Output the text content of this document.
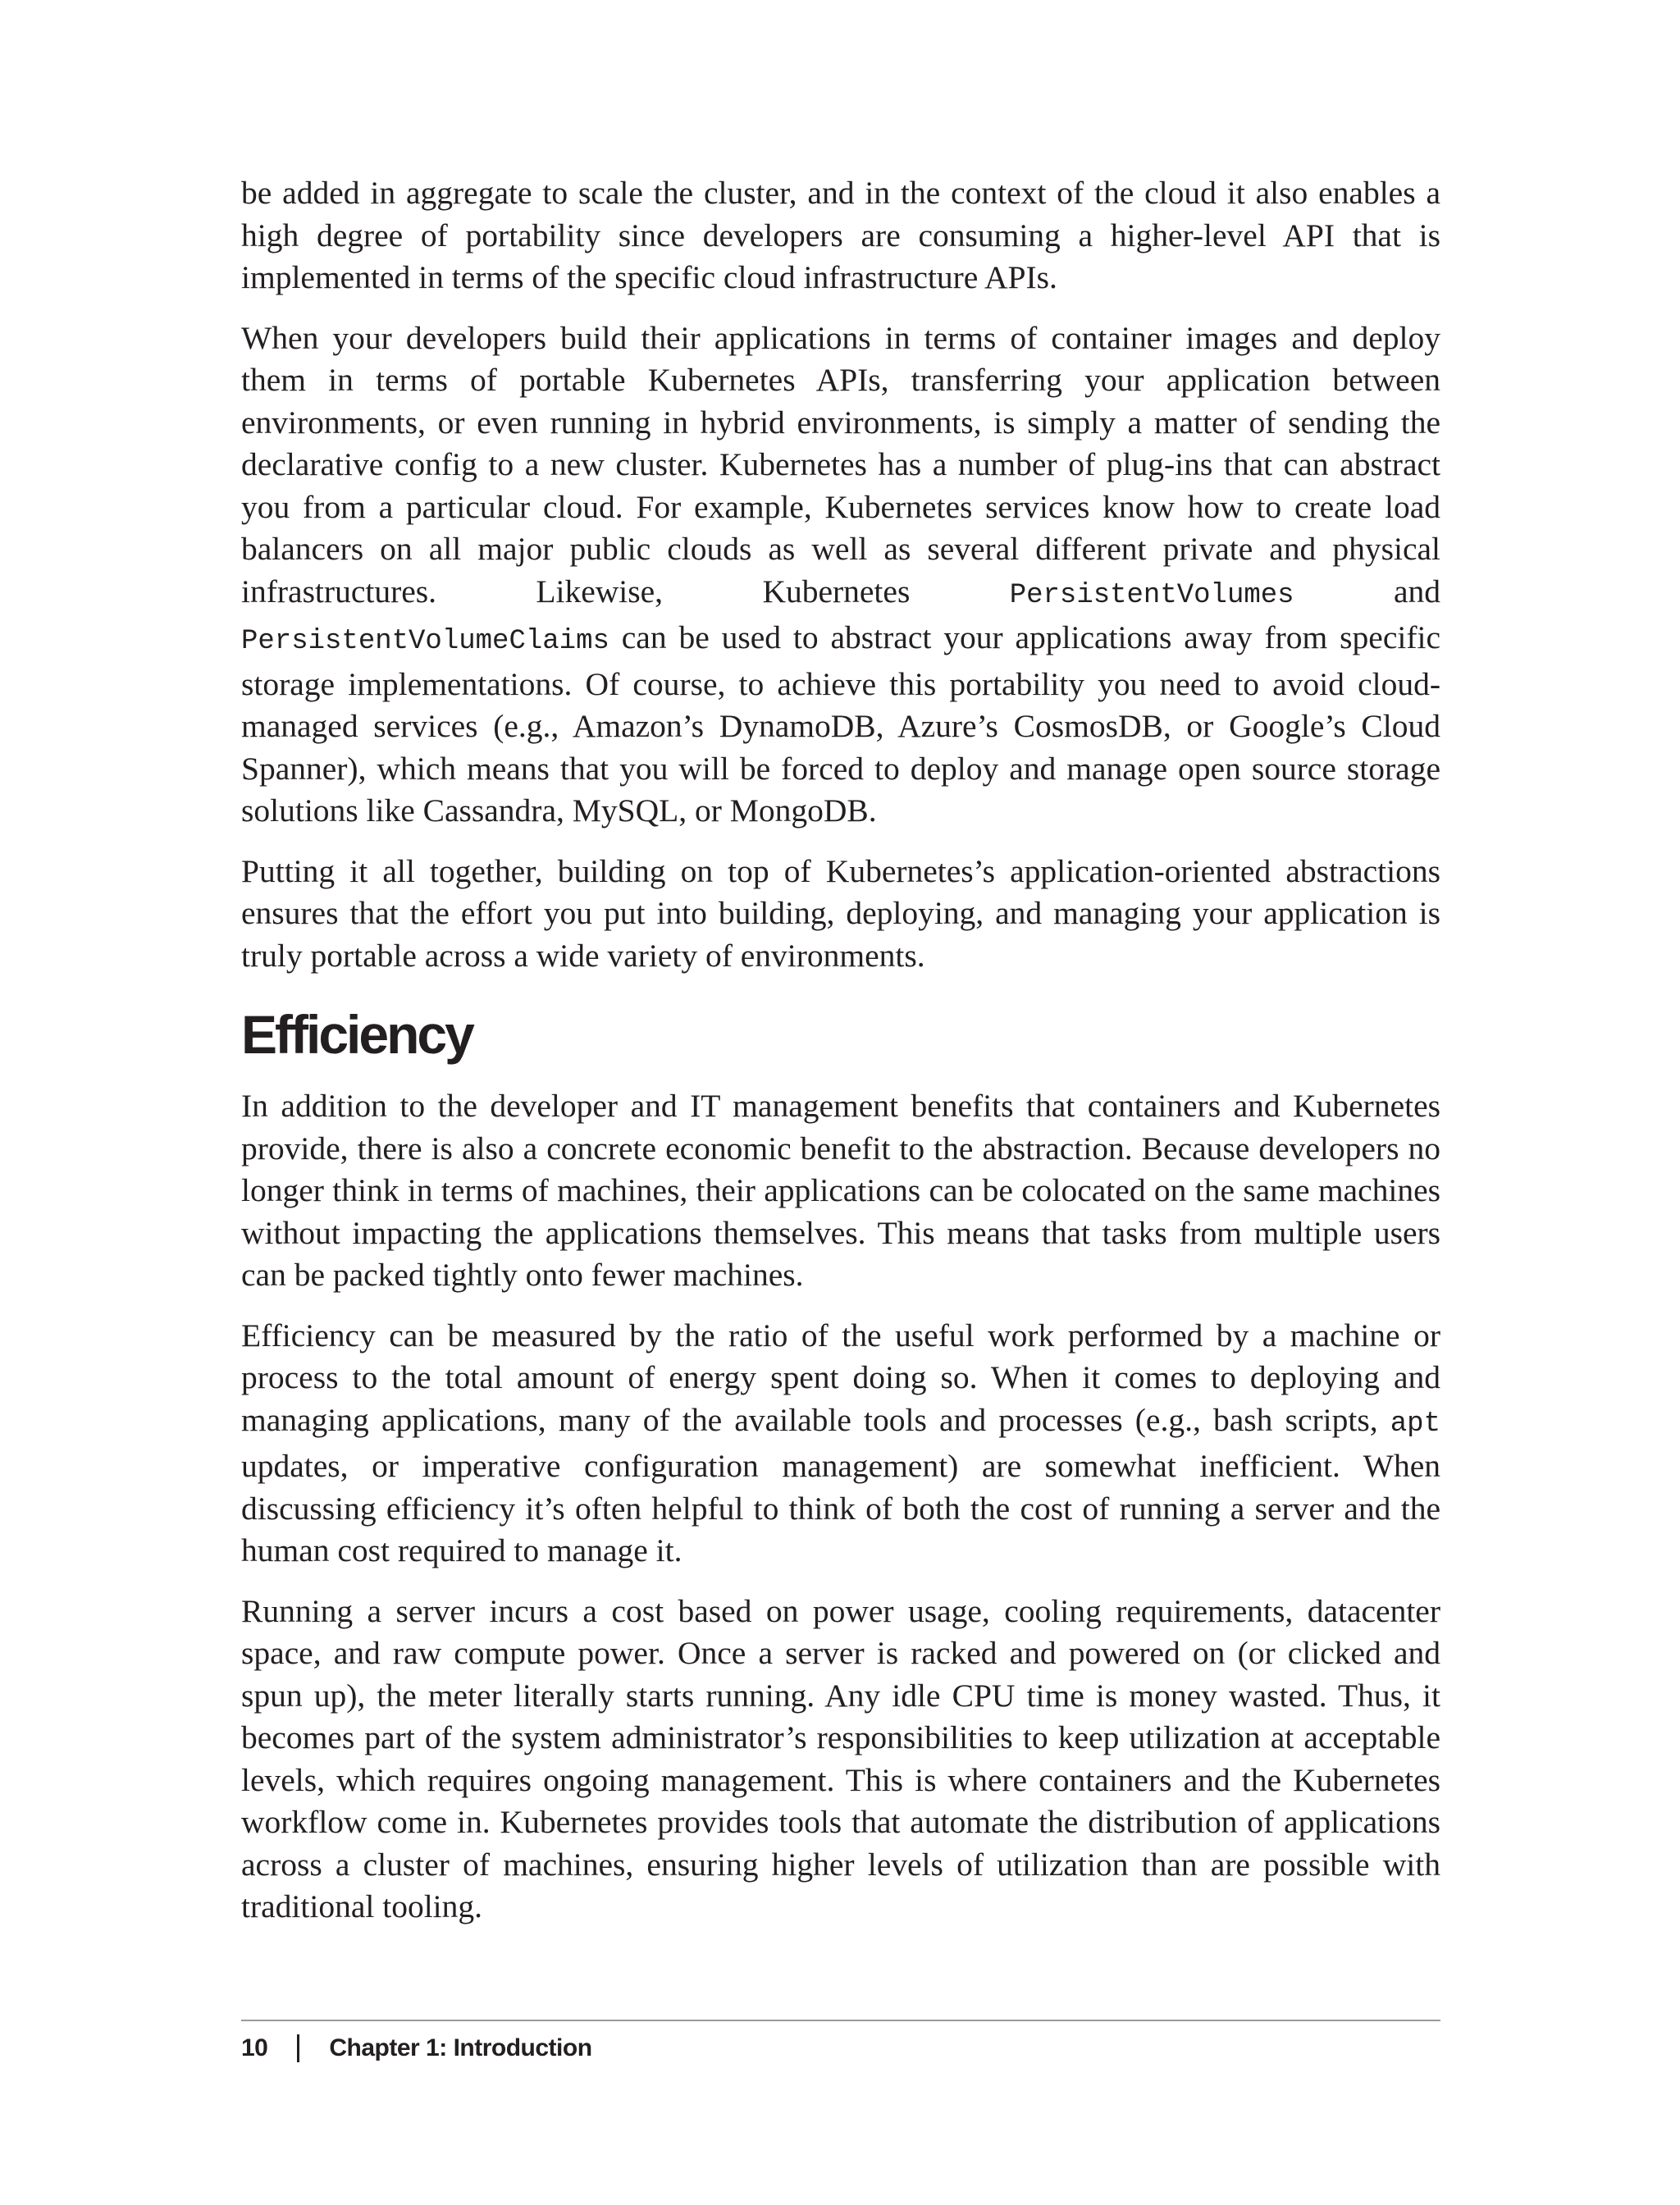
be added in aggregate to scale the cluster, and in the context of the cloud it also enables a high degree of portability since developers are consuming a higher-level API that is implemented in terms of the specific cloud infrastructure APIs.

When your developers build their applications in terms of container images and deploy them in terms of portable Kubernetes APIs, transferring your application between environments, or even running in hybrid environments, is simply a matter of sending the declarative config to a new cluster. Kubernetes has a number of plug-ins that can abstract you from a particular cloud. For example, Kubernetes services know how to create load balancers on all major public clouds as well as several different private and physical infrastructures. Likewise, Kubernetes PersistentVolumes and PersistentVolumeClaims can be used to abstract your applications away from specific storage implementations. Of course, to achieve this portability you need to avoid cloud-managed services (e.g., Amazon’s DynamoDB, Azure’s CosmosDB, or Google’s Cloud Spanner), which means that you will be forced to deploy and manage open source storage solutions like Cassandra, MySQL, or MongoDB.

Putting it all together, building on top of Kubernetes’s application-oriented abstractions ensures that the effort you put into building, deploying, and managing your application is truly portable across a wide variety of environments.

Efficiency

In addition to the developer and IT management benefits that containers and Kubernetes provide, there is also a concrete economic benefit to the abstraction. Because developers no longer think in terms of machines, their applications can be colocated on the same machines without impacting the applications themselves. This means that tasks from multiple users can be packed tightly onto fewer machines.

Efficiency can be measured by the ratio of the useful work performed by a machine or process to the total amount of energy spent doing so. When it comes to deploying and managing applications, many of the available tools and processes (e.g., bash scripts, apt updates, or imperative configuration management) are somewhat inefficient. When discussing efficiency it’s often helpful to think of both the cost of running a server and the human cost required to manage it.

Running a server incurs a cost based on power usage, cooling requirements, datacenter space, and raw compute power. Once a server is racked and powered on (or clicked and spun up), the meter literally starts running. Any idle CPU time is money wasted. Thus, it becomes part of the system administrator’s responsibilities to keep utilization at acceptable levels, which requires ongoing management. This is where containers and the Kubernetes workflow come in. Kubernetes provides tools that automate the distribution of applications across a cluster of machines, ensuring higher levels of utilization than are possible with traditional tooling.

10	Chapter 1: Introduction
